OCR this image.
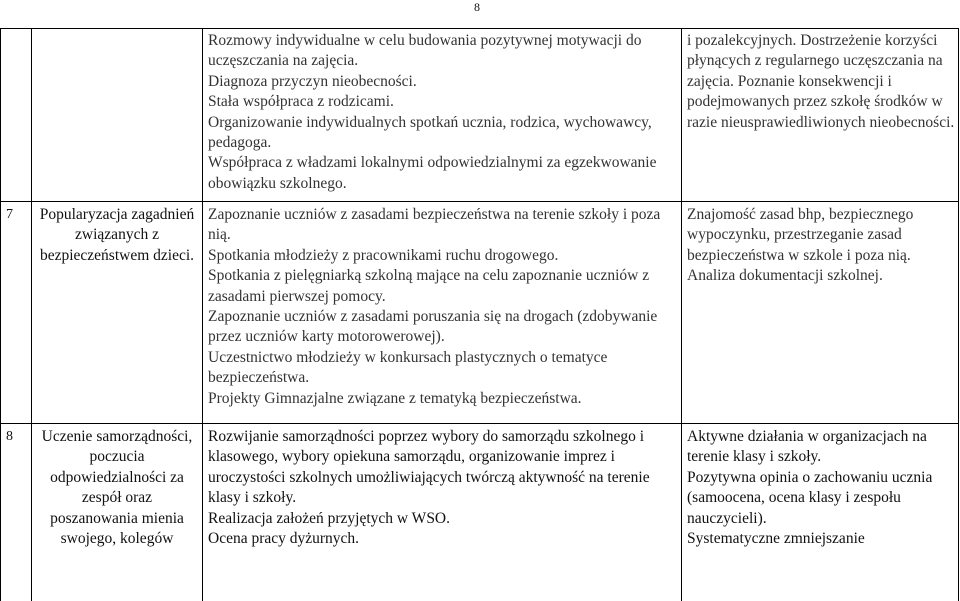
8

Rozmowy indywidualne w celu budowania pozytywnej motywacji do uczęszczania na zajęcia.

Diagnoza przyczyn nieobecności.

Stała współpraca z rodzicami.

Organizowanie indywidualnych spotkań ucznia, rodzica, wychowawcy, pedagoga.

Współpraca z władzami lokalnymi odpowiedzialnymi za egzekwowanie obowiązku szkolnego.

i pozalekcyjnych. Dostrzeżenie korzyści płynących z regularnego uczęszczania na zajęcia. Poznanie konsekwencji i podejmowanych przez szkołę środków w razie nieusprawiedliwionych nieobecności.

7	Popularyzacja zagadnień związanych z bezpieczeństwem dzieci.

Zapoznanie uczniów z zasadami bezpieczeństwa na terenie szkoły i poza nią.

Spotkania młodzieży z pracownikami ruchu drogowego.

Spotkania z pielęgniarką szkolną mające na celu zapoznanie uczniów z zasadami pierwszej pomocy.

Zapoznanie uczniów z zasadami poruszania się na drogach (zdobywanie przez uczniów karty motorowerowej).

Uczestnictwo młodzieży w konkursach plastycznych o tematyce bezpieczeństwa.

Projekty Gimnazjalne związane z tematyką bezpieczeństwa.

Znajomość zasad bhp, bezpiecznego wypoczynku, przestrzeganie zasad bezpieczeństwa w szkole i poza nią.

Analiza dokumentacji szkolnej.

8	Uczenie samorządności, poczucia odpowiedzialności za zespół oraz poszanowania mienia swojego, kolegów

Rozwijanie samorządności poprzez wybory do samorządu szkolnego i klasowego, wybory opiekuna samorządu, organizowanie imprez i uroczystości szkolnych umożliwiających twórczą aktywność na terenie klasy i szkoły.

Realizacja założeń przyjętych w WSO.

Ocena pracy dyżurnych.

Aktywne działania w organizacjach na terenie klasy i szkoły.

Pozytywna opinia o zachowaniu ucznia

(samoocena, ocena klasy i zespołu nauczycieli).

Systematyczne zmniejszanie
